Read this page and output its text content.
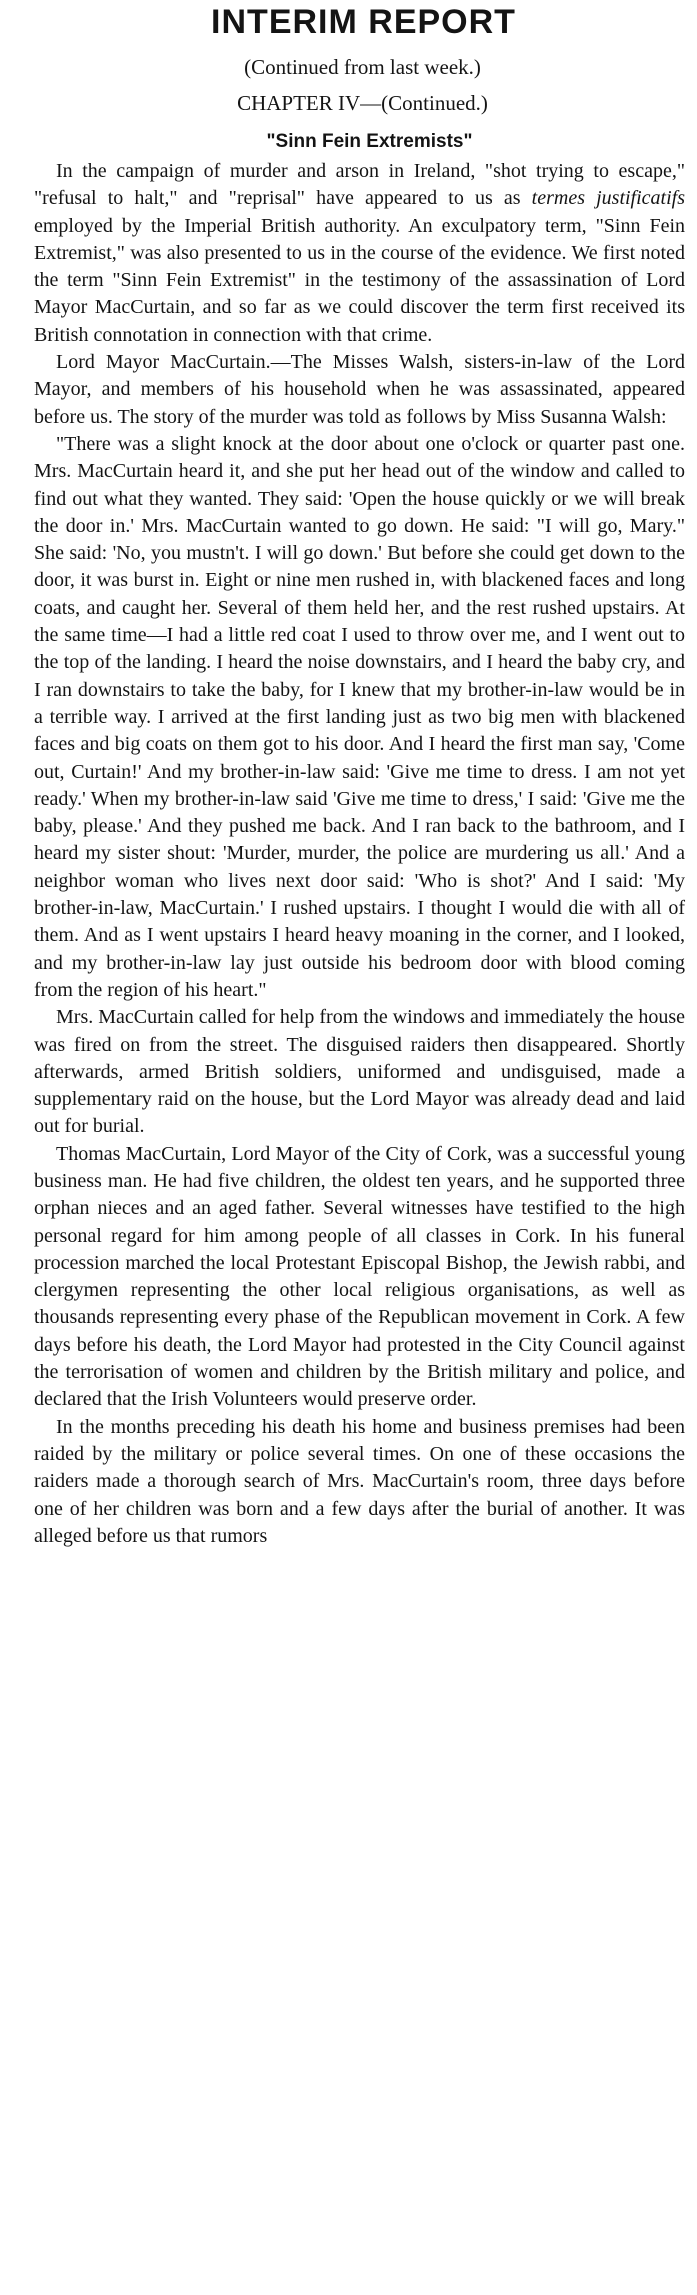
INTERIM REPORT

(Continued from last week.)

CHAPTER IV—(Continued.)

"Sinn Fein Extremists"

In the campaign of murder and arson in Ireland, "shot trying to escape," "refusal to halt," and "reprisal" have appeared to us as termes justificatifs employed by the Imperial British authority. An exculpatory term, "Sinn Fein Extremist," was also presented to us in the course of the evidence. We first noted the term "Sinn Fein Extremist" in the testimony of the assassination of Lord Mayor MacCurtain, and so far as we could discover the term first received its British connotation in connection with that crime.

Lord Mayor MacCurtain.—The Misses Walsh, sisters-in-law of the Lord Mayor, and members of his household when he was assassinated, appeared before us. The story of the murder was told as follows by Miss Susanna Walsh:

"There was a slight knock at the door about one o'clock or quarter past one. Mrs. MacCurtain heard it, and she put her head out of the window and called to find out what they wanted. They said: 'Open the house quickly or we will break the door in.' Mrs. MacCurtain wanted to go down. He said: "I will go, Mary." She said: 'No, you mustn't. I will go down.' But before she could get down to the door, it was burst in. Eight or nine men rushed in, with blackened faces and long coats, and caught her. Several of them held her, and the rest rushed upstairs. At the same time—I had a little red coat I used to throw over me, and I went out to the top of the landing. I heard the noise downstairs, and I heard the baby cry, and I ran downstairs to take the baby, for I knew that my brother-in-law would be in a terrible way. I arrived at the first landing just as two big men with blackened faces and big coats on them got to his door. And I heard the first man say, 'Come out, Curtain!' And my brother-in-law said: 'Give me time to dress. I am not yet ready.' When my brother-in-law said 'Give me time to dress,' I said: 'Give me the baby, please.' And they pushed me back. And I ran back to the bathroom, and I heard my sister shout: 'Murder, murder, the police are murdering us all.' And a neighbor woman who lives next door said: 'Who is shot?' And I said: 'My brother-in-law, MacCurtain.' I rushed upstairs. I thought I would die with all of them. And as I went upstairs I heard heavy moaning in the corner, and I looked, and my brother-in-law lay just outside his bedroom door with blood coming from the region of his heart."

Mrs. MacCurtain called for help from the windows and immediately the house was fired on from the street. The disguised raiders then disappeared. Shortly afterwards, armed British soldiers, uniformed and undisguised, made a supplementary raid on the house, but the Lord Mayor was already dead and laid out for burial.

Thomas MacCurtain, Lord Mayor of the City of Cork, was a successful young business man. He had five children, the oldest ten years, and he supported three orphan nieces and an aged father. Several witnesses have testified to the high personal regard for him among people of all classes in Cork. In his funeral procession marched the local Protestant Episcopal Bishop, the Jewish rabbi, and clergymen representing the other local religious organisations, as well as thousands representing every phase of the Republican movement in Cork. A few days before his death, the Lord Mayor had protested in the City Council against the terrorisation of women and children by the British military and police, and declared that the Irish Volunteers would preserve order.

In the months preceding his death his home and business premises had been raided by the military or police several times. On one of these occasions the raiders made a thorough search of Mrs. MacCurtain's room, three days before one of her children was born and a few days after the burial of another. It was alleged before us that rumors
